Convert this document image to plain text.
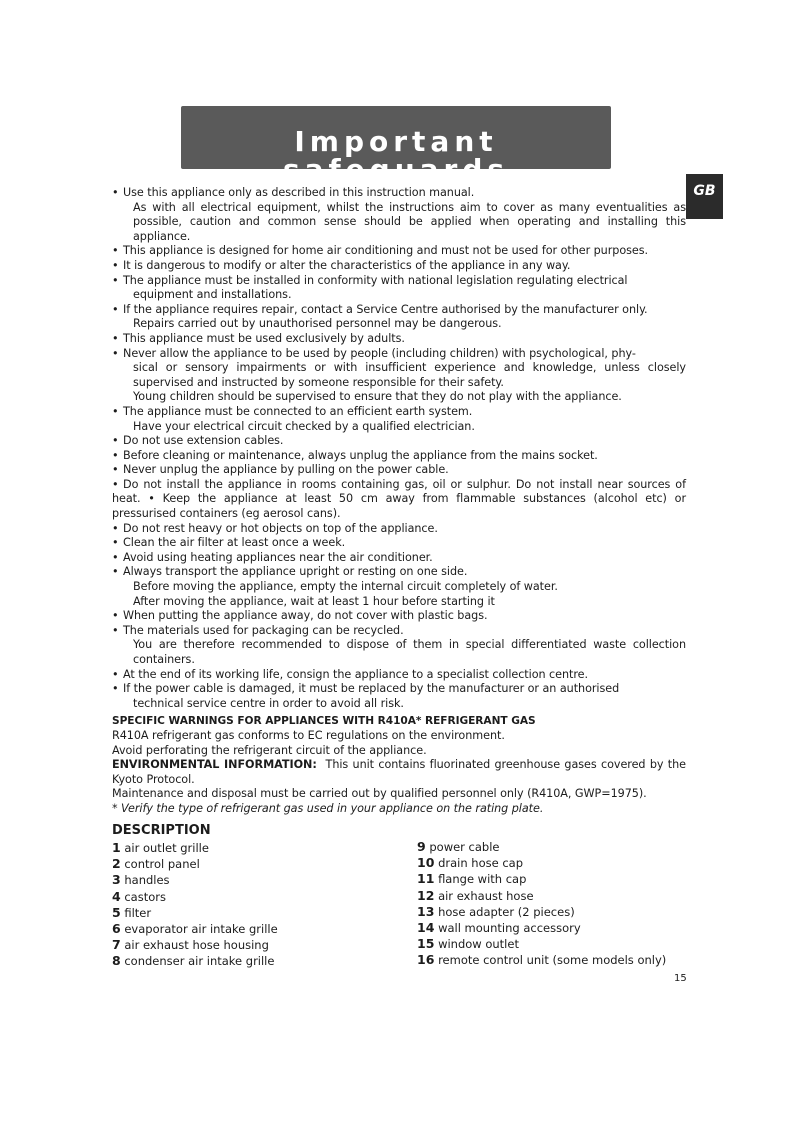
Important safeguards
GB

• Use this appliance only as described in this instruction manual.

As with all electrical equipment, whilst the instructions aim to cover as many eventualities as possible, caution and common sense should be applied when operating and installing this appliance.

• This appliance is designed for home air conditioning and must not be used for other purposes.

• It is dangerous to modify or alter the characteristics of the appliance in any way.

• The appliance must be installed in conformity with national legislation regulating electrical

equipment and installations.

• If the appliance requires repair, contact a Service Centre authorised by the manufacturer only.

Repairs carried out by unauthorised personnel may be dangerous.

• This appliance must be used exclusively by adults.

• Never allow the appliance to be used by people (including children) with psychological, phy-

sical or sensory impairments or with insufficient experience and knowledge, unless closely supervised and instructed by someone responsible for their safety.

Young children should be supervised to ensure that they do not play with the appliance.

• The appliance must be connected to an efficient earth system.

Have your electrical circuit checked by a qualified electrician.

• Do not use extension cables.

• Before cleaning or maintenance, always unplug the appliance from the mains socket.

• Never unplug the appliance by pulling on the power cable.

• Do not install the appliance in rooms containing gas, oil or sulphur. Do not install near sources of heat. • Keep the appliance at least 50 cm away from flammable substances (alcohol etc) or pressurised containers (eg aerosol cans).

• Do not rest heavy or hot objects on top of the appliance.

• Clean the air filter at least once a week.

• Avoid using heating appliances near the air conditioner.

• Always transport the appliance upright or resting on one side.

Before moving the appliance, empty the internal circuit completely of water.

After moving the appliance, wait at least 1 hour before starting it

• When putting the appliance away, do not cover with plastic bags.

• The materials used for packaging can be recycled.

You are therefore recommended to dispose of them in special differentiated waste collection containers.

• At the end of its working life, consign the appliance to a specialist collection centre.

• If the power cable is damaged, it must be replaced by the manufacturer or an authorised

technical service centre in order to avoid all risk.

SPECIFIC WARNINGS FOR APPLIANCES WITH R410A* REFRIGERANT GAS

R410A refrigerant gas conforms to EC regulations on the environment.

Avoid perforating the refrigerant circuit of the appliance.

ENVIRONMENTAL INFORMATION: This unit contains fluorinated greenhouse gases covered by the Kyoto Protocol.

Maintenance and disposal must be carried out by qualified personnel only (R410A, GWP=1975).

* Verify the type of refrigerant gas used in your appliance on the rating plate.

DESCRIPTION
1 air outlet grille
2 control panel
3 handles
4 castors
5 filter
6 evaporator air intake grille
7 air exhaust hose housing
8 condenser air intake grille
9 power cable
10 drain hose cap
11 flange with cap
12 air exhaust hose
13 hose adapter (2 pieces)
14 wall mounting accessory
15 window outlet
16 remote control unit (some models only)
15
